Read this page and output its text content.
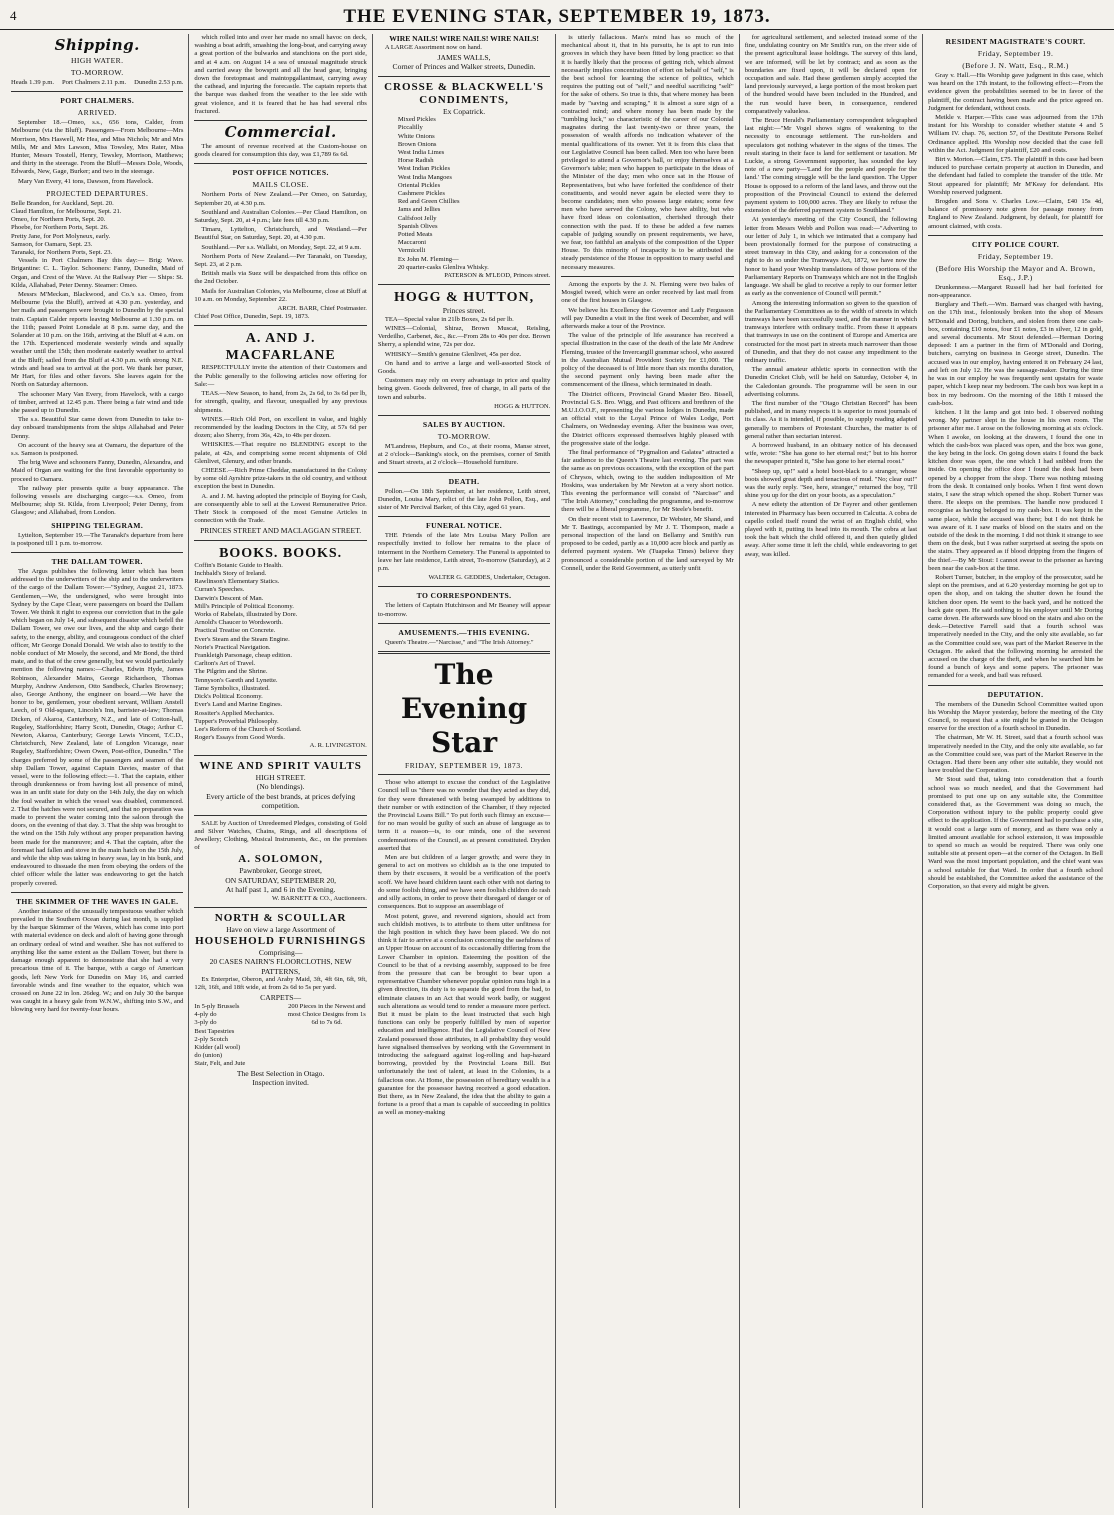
4	THE EVENING STAR, SEPTEMBER 19, 1873.
Shipping.
HIGH WATER.
TO-MORROW.
Heads 1.39 p.m. Port Chalmers 2.11 p.m. Dunedin 2.53 p.m.
PORT CHALMERS.
ARRIVED.

September 18.—Omeo, s.s., 656 tons, Calder, from Melbourne (via the Bluff). Passengers—From Melbourne—Mrs Morrison, Mrs Haswell, Mr Hea, and Miss Nichols; Mr and Mrs Mills, Mr and Mrs Lawson, Miss Towsley, Mrs Rater, Miss Hunter, Messrs Tosstell, Henry, Tewsley, Morrison, Matthews; and thirty in the steerage. From the Bluff—Messrs Dole, Woods, Edwards, New, Gage, Burker; and two in the steerage.

Mary Van Every, 41 tons, Dawson, from Havelock.

PROJECTED DEPARTURES.
Belle Brandon, for Auckland, Sept. 20.
Claud Hamilton, for Melbourne, Sept. 21.
Omeo, for Northern Ports, Sept. 20.
Phoebe, for Northern Ports, Sept. 26.
Pretty Jane, for Port Molyneux, early.
Samson, for Oamaru, Sept. 23.
Taranaki, for Northern Ports, Sept. 23.

Vessels in Port Chalmers Bay this day:— Brig: Wave. Brigantine: C. L. Taylor. Schooners: Fanny, Dunedin, Maid of Organ, and Crest of the Wave. At the Railway Pier — Ships: St. Kilda, Allahabad, Peter Denny. Steamer: Omeo.

Messrs M'Meckan, Blackwood, and Co.'s s.s. Omeo, from Melbourne (via the Bluff), arrived at 4.30 p.m. yesterday, and her mails and passengers were brought to Dunedin by the special train. Captain Calder reports leaving Melbourne at 1.30 p.m. on the 11th; passed Point Lonsdale at 8 p.m. same day, and the Solander at 10 p.m. on the 16th, arriving at the Bluff at 4 a.m. on the 17th. Experienced moderate westerly winds and squally weather until the 15th; then moderate easterly weather to arrival at the Bluff; sailed from the Bluff at 4.30 p.m. with strong N.E. winds and head sea to arrival at the port. We thank her purser, Mr Hart, for files and other favors. She leaves again for the North on Saturday afternoon.

The schooner Mary Van Every, from Havelock, with a cargo of timber, arrived at 12.45 p.m. There being a fair wind and tide she passed up to Dunedin.

The s.s. Beautiful Star came down from Dunedin to take to-day onboard transhipments from the ships Allahabad and Peter Denny.

On account of the heavy sea at Oamaru, the departure of the s.s. Samson is postponed.

The brig Wave and schooners Fanny, Dunedin, Alexandra, and Maid of Organ are waiting for the first favorable opportunity to proceed to Oamaru.

The railway pier presents quite a busy appearance. The following vessels are discharging cargo:—s.s. Omeo, from Melbourne; ship St. Kilda, from Liverpool; Peter Denny, from Glasgow; and Allahabad, from London.

SHIPPING TELEGRAM.

Lyttelton, September 19.—The Taranaki's departure from here is postponed till 1 p.m. to-morrow.

THE DALLAM TOWER.

The Argus publishes the following letter which has been addressed to the underwriters of the ship and to the underwriters of the cargo of the Dallam Tower:—"Sydney, August 21, 1873. Gentlemen,—We, the undersigned, who were brought into Sydney by the Cape Clear, were passengers on board the Dallam Tower. We think it right to express our conviction that in the gale which began on July 14, and subsequent disaster which befell the Dallam Tower, we owe our lives, and the ship and cargo their safety, to the energy, ability, and courageous conduct of the chief officer, Mr George Donald Donald. We wish also to testify to the noble conduct of Mr Mosely, the second, and Mr Bond, the third mate, and to that of the crew generally, but we would particularly mention the following names:—Charles, Edwin Hyde, James Robinson, Alexander Mains, George Richardson, Thomas Murphy, Andrew Anderson, Otto Sandbeck, Charles Brownsey; also, George Anthony, the engineer on board.—We have the honor to be, gentlemen, your obedient servant, William Anstell Leech, of 9 Old-square, Lincoln's Inn, barrister-at-law; Thomas Dicken, of Akaroa, Canterbury, N.Z., and late of Cotton-hall, Rugeley, Staffordshire; Harry Scott, Dunedin, Otago; Arthur C. Newton, Akaroa, Canterbury; George Lewis Vincent, T.C.D., Christchurch, New Zealand, late of Longdon Vicarage, near Rugeley, Staffordshire; Owen Owen, Post-office, Dunedin." The charges preferred by some of the passengers and seamen of the ship Dallam Tower, against Captain Davies, master of that vessel, were to the following effect:—1. That the captain, either through drunkenness or from having lost all presence of mind, was in an unfit state for duty on the 14th July, the day on which the foul weather in which the vessel was disabled, commenced. 2. That the hatches were not secured, and that no preparation was made to prevent the water coming into the saloon through the doors, on the evening of that day. 3. That the ship was brought to the wind on the 15th July without any proper preparation having been made for the manœuvre; and 4. That the captain, after the foremast had fallen and stove in the main hatch on the 15th July, and while the ship was taking in heavy seas, lay in his bunk, and endeavoured to dissuade the men from obeying the orders of the chief officer while the latter was endeavoring to get the hatch properly covered.

THE SKIMMER OF THE WAVES IN GALE.

Another instance of the unusually tempestuous weather which prevailed in the Southern Ocean during last month, is supplied by the barque Skimmer of the Waves, which has come into port with material evidence on deck and aloft of having gone through an ordinary ordeal of wind and weather. She has not suffered to anything like the same extent as the Dallam Tower, but there is damage enough apparent to demonstrate that she had a very precarious time of it. The barque, with a cargo of American goods, left New York for Dunedin on May 16, and carried favorable winds and fine weather to the equator, which was crossed on June 22 in lon. 26deg. W.; and on July 30 the barque was caught in a heavy gale from W.N.W., shifting into S.W., and blowing very hard for twenty-four hours.

which rolled into and over her made no small havoc on deck, washing a boat adrift, smashing the long-boat, and carrying away a great portion of the bulwarks and stanchions on the port side, and at 4 a.m. on August 14 a sea of unusual magnitude struck and carried away the bowsprit and all the head gear, bringing down the foretopmast and maintopgallantmast, carrying away the cathead, and injuring the forecastle. The captain reports that the barque was dashed from the weather to the lee side with great violence, and it is feared that he has had several ribs fractured.

Commercial.

The amount of revenue received at the Custom-house on goods cleared for consumption this day, was £1,789 6s 6d.

POST OFFICE NOTICES.
MAILS CLOSE.

Northern Ports of New Zealand.—Per Omeo, on Saturday, September 20, at 4.30 p.m.

Southland and Australian Colonies.—Per Claud Hamilton, on Saturday, Sept. 20, at 4 p.m.; late fees till 4.30 p.m.

Timaru, Lyttelton, Christchurch, and Westland.—Per Beautiful Star, on Saturday, Sept. 20, at 4.30 p.m.

Southland.—Per s.s. Wallabi, on Monday, Sept. 22, at 9 a.m.

Northern Ports of New Zealand.—Per Taranaki, on Tuesday, Sept. 23, at 2 p.m.

British mails via Suez will be despatched from this office on the 2nd October.

Mails for Australian Colonies, via Melbourne, close at Bluff at 10 a.m. on Monday, September 22.

ARCH. BARR, Chief Postmaster.
Chief Post Office, Dunedin, Sept. 19, 1873.
A. AND J. MACFARLANE

RESPECTFULLY invite the attention of their Customers and the Public generally to the following articles now offering for Sale:—

TEAS.—New Season, to hand, from 2s, 2s 6d, to 3s 6d per lb, for strength, quality, and flavour, unequalled by any previous shipments.

WINES.—Rich Old Port, on excellent in value, and highly recommended by the leading Doctors in the City, at 57s 6d per dozen; also Sherry, from 36s, 42s, to 48s per dozen.

WHISKIES.—That require no BLENDING except to the palate, at 42s, and comprising some recent shipments of Old Glenlivet, Glenury, and other brands.

CHEESE.—Rich Prime Cheddar, manufactured in the Colony by some old Ayrshire prize-takers in the old country, and without exception the best in Dunedin.

A. and J. M. having adopted the principle of Buying for Cash, are consequently able to sell at the Lowest Remunerative Price. Their Stock is composed of the most Genuine Articles in connection with the Trade.

PRINCES STREET AND MACLAGGAN STREET.
BOOKS. BOOKS.
Coffin's Botanic Guide to Health.
Inchbald's Story of Ireland.
Rawlinson's Elementary Statics.
Curran's Speeches.
Darwin's Descent of Man.
Mill's Principle of Political Economy.
Works of Rabelais, illustrated by Dore.
Arnold's Chaucer to Wordsworth.
Practical Treatise on Concrete.
Ever's Steam and the Steam Engine.
Norie's Practical Navigation.
Frankleigh Parsonage, cheap edition.
Carlton's Art of Travel.
The Pilgrim and the Shrine.
Tennyson's Gareth and Lynette.
Tame Symbolics, illustrated.
Dick's Political Economy.
Ever's Land and Marine Engines.
Rossiter's Applied Mechanics.
Tupper's Proverbial Philosophy.
Lee's Reform of the Church of Scotland.
Roger's Essays from Good Words.
A. R. LIVINGSTON.
WINE AND SPIRIT VAULTS
HIGH STREET.
(No blendings).
Every article of the best brands, at prices defying competition.

SALE by Auction of Unredeemed Pledges, consisting of Gold and Silver Watches, Chains, Rings, and all descriptions of Jewellery; Clothing, Musical Instruments, &c., on the premises of

A. SOLOMON,
Pawnbroker, George street,
ON SATURDAY, SEPTEMBER 20,
At half past 1, and 6 in the Evening.
W. BARNETT & CO., Auctioneers.
NORTH & SCOULLAR
Have on view a large Assortment of
HOUSEHOLD FURNISHINGS
Comprising—
20 CASES NAIRN'S FLOORCLOTHS, NEW PATTERNS,

Ex Enterprise, Oberon, and Araby Maid, 3ft, 4ft 6in, 6ft, 9ft, 12ft, 16ft, and 18ft wide, at from 2s 6d to 5s per yard.

CARPETS—
In 5-ply Brussels
4-ply do
3-ply do
Best Tapestries
2-ply Scotch
Kidder (all wool)
do (union)
Stair, Felt, and Jute
200 Pieces in the Newest and most Choice Designs from 1s 6d to 7s 6d.
The Best Selection in Otago.
Inspection invited.
WIRE NAILS! WIRE NAILS! WIRE NAILS!

A LARGE Assortment now on hand.

JAMES WALLS,
Corner of Princes and Walker streets, Dunedin.
CROSSE & BLACKWELL'S CONDIMENTS,
Ex Copatrick.
Mixed Pickles
Piccalilly
White Onions
Brown Onions
West India Limes
Horse Radish
West Indian Pickles
West India Mangoes
Oriental Pickles
Cashmere Pickles
Red and Green Chillies
Jams and Jellies
Calfsfoot Jelly
Spanish Olives
Potted Meats
Maccaroni
Vermicelli
Ex John M. Fleming—
20 quarter-casks Glenliva Whisky.
PATERSON & M'LEOD, Princes street.
HOGG & HUTTON,
Princes street.

TEA—Special value in 21lb Boxes, 2s 6d per lb.

WINES—Colonial, Shiraz, Brown Muscat, Reisling, Verdeilho, Carbenet, &c., &c.—From 28s to 40s per doz. Brown Sherry, a splendid wine, 72s per doz.

WHISKY—Smith's genuine Glenlivet, 45s per doz.

On hand and to arrive a large and well-assorted Stock of Goods.

Customers may rely on every advantage in price and quality being given. Goods delivered, free of charge, in all parts of the town and suburbs.

HOGG & HUTTON.
SALES BY AUCTION.
TO-MORROW.

M'Landress, Hepburn, and Co., at their rooms, Manse street, at 2 o'clock—Banking's stock, on the premises, corner of Smith and Stuart streets, at 2 o'clock—Household furniture.

DEATH.

Pollon.—On 18th September, at her residence, Leith street, Dunedin, Louisa Mary, relict of the late John Pollon, Esq., and sister of Mr Percival Barker, of this City, aged 61 years.

FUNERAL NOTICE.

THE Friends of the late Mrs Louisa Mary Pollon are respectfully invited to follow her remains to the place of interment in the Northern Cemetery. The Funeral is appointed to leave her late residence, Leith street, To-morrow (Saturday), at 2 p.m.

WALTER G. GEDDES, Undertaker, Octagon.
TO CORRESPONDENTS.

The letters of Captain Hutchinson and Mr Beaney will appear to-morrow.

AMUSEMENTS.—THIS EVENING.

Queen's Theatre.—"Narcisse," and "The Irish Attorney."

The Evening Star
FRIDAY, SEPTEMBER 19, 1873.

Those who attempt to excuse the conduct of the Legislative Council tell us "there was no wonder that they acted as they did, for they were threatened with being swamped by additions to their number or with extinction of the Chamber, if they rejected the Provincial Loans Bill." To put forth such flimsy an excuse—for no man would be guilty of such an abuse of language as to term it a reason—is, to our minds, one of the severest condemnations of the Council, as at present constituted. Dryden asserted that

Men are but children of a larger growth; and were they in general to act on motives so childish as is the one imputed to them by their excusers, it would be a verification of the poet's scoff. We have heard children taunt each other with not daring to do some foolish thing, and we have seen foolish children do rash and silly actions, in order to prove their disregard of danger or of consequences. But to suppose an assemblage of

Most potent, grave, and reverend signiors, should act from such childish motives, is to attribute to them utter unfitness for the high position in which they have been placed. We do not think it fair to arrive at a conclusion concerning the usefulness of an Upper House on account of its occasionally differing from the Lower Chamber in opinion. Esteeming the position of the Council to be that of a revising assembly, supposed to be free from the pressure that can be brought to bear upon a representative Chamber whenever popular opinion runs high in a given direction, its duty is to separate the good from the bad, to eliminate clauses in an Act that would work badly, or suggest such alterations as would tend to render a measure more perfect. But it must be plain to the least instructed that such high functions can only be properly fulfilled by men of superior education and intelligence. Had the Legislative Council of New Zealand possessed those attributes, in all probability they would have signalised themselves by working with the Government in introducing the safeguard against log-rolling and hap-hazard borrowing, provided by the Provincial Loans Bill. But unfortunately the test of talent, at least in the Colonies, is a fallacious one. At Home, the possession of hereditary wealth is a guarantee for the possessor having received a good education. But there, as in New Zealand, the idea that the ability to gain a fortune is a proof that a man is capable of succeeding in politics as well as money-making

is utterly fallacious. Man's mind has so much of the mechanical about it, that in his pursuits, he is apt to run into grooves in which they have been fitted by long practice: so that it is hardly likely that the process of getting rich, which almost necessarily implies concentration of effort on behalf of "self," is the best school for learning the science of politics, which requires the putting out of "self," and needful sacrificing "self" for the sake of others. So true is this, that where money has been made by "saving and scraping," it is almost a sure sign of a contracted mind; and where money has been made by the "tumbling luck," so characteristic of the career of our Colonial magnates during the last twenty-two or three years, the possession of wealth affords no indication whatever of the mental qualifications of its owner. Yet it is from this class that our Legislative Council has been called. Men too who have been privileged to attend a Governor's ball, or enjoy themselves at a Governor's table; men who happen to participate in the ideas of the Minister of the day; men who once sat in the House of Representatives, but who have forfeited the confidence of their constituents, and would never again be elected were they to become candidates; men who possess large estates; some few men who have served the Colony, who have ability, but who have fixed ideas on colonisation, cherished through their connection with the past. If to these be added a few names capable of judging soundly on present requirements, we have, we fear, too faithful an analysis of the composition of the Upper House. To this minority of incapacity is to be attributed the steady persistence of the House in opposition to many useful and necessary measures.

Among the exports by the J. N. Fleming were two bales of Mosgiel tweed, which were an order received by last mail from one of the first houses in Glasgow.

We believe his Excellency the Governor and Lady Fergusson will pay Dunedin a visit in the first week of December, and will afterwards make a tour of the Province.

The value of the principle of life assurance has received a special illustration in the case of the death of the late Mr Andrew Fleming, trustee of the Invercargill grammar school, who assured in the Australian Mutual Provident Society for £1,000. The policy of the deceased is of little more than six months duration, the second payment only having been made after the commencement of the illness, which terminated in death.

The District officers, Provincial Grand Master Bro. Bissell, Provincial G.S. Bro. Wigg, and Past officers and brethren of the M.U.I.O.O.F., representing the various lodges in Dunedin, made an official visit to the Loyal Prince of Wales Lodge, Port Chalmers, on Wednesday evening. After the business was over, the District officers expressed themselves highly pleased with the progressive state of the lodge.

The final performance of "Pygmalion and Galatea" attracted a fair audience to the Queen's Theatre last evening. The part was the same as on previous occasions, with the exception of the part of Chrysos, which, owing to the sudden indisposition of Mr Hoskins, was undertaken by Mr Newton at a very short notice. This evening the performance will consist of "Narcisse" and "The Irish Attorney," concluding the programme, and to-morrow there will be a liberal programme, for Mr Steele's benefit.

On their recent visit to Lawrence, Dr Webster, Mr Shand, and Mr T. Bastings, accompanied by Mr J. T. Thompson, made a personal inspection of the land on Bellamy and Smith's run proposed to be ceded, partly as a 10,000 acre block and partly as deferred payment system. We (Tuapeka Times) believe they pronounced a considerable portion of the land surveyed by Mr Connell, under the Reid Government, as utterly unfit

for agricultural settlement, and selected instead some of the fine, undulating country on Mr Smith's run, on the river side of the present agricultural lease holdings. The survey of this land, we are informed, will be let by contract; and as soon as the boundaries are fixed upon, it will be declared open for occupation and sale. Had these gentlemen simply accepted the land previously surveyed, a large portion of the most broken part of the hundred would have been included in the Hundred, and the run would have been, in consequence, rendered comparatively valueless.

The Bruce Herald's Parliamentary correspondent telegraphed last night:—"Mr Vogel shows signs of weakening to the necessity to encourage settlement. The run-holders and speculators got nothing whatever in the signs of the times. The result staring in their face is land for settlement or taxation. Mr Luckie, a strong Government supporter, has sounded the key note of a new party—'Land for the people and people for the land.' The coming struggle will be the land question. The Upper House is opposed to a reform of the land laws, and throw out the proposition of the Provincial Council to extend the deferred payment system to 100,000 acres. They are likely to refuse the extension of the deferred payment system to Southland."

At yesterday's meeting of the City Council, the following letter from Messrs Webb and Pollon was read:—"Adverting to our letter of July 1, in which we intimated that a company had been provisionally formed for the purpose of constructing a street tramway in this City, and asking for a concession of the right to do so under the Tramways Act, 1872, we have now the honor to hand your Worship translations of those portions of the Parliamentary Reports on Tramways which are not in the English language. We shall be glad to receive a reply to our former letter as early as the convenience of Council will permit."

Among the interesting information so given to the question of the Parliamentary Committees as to the width of streets in which tramways have been successfully used, and the manner in which tramways interfere with ordinary traffic. From these it appears that tramways in use on the continent of Europe and America are constructed for the most part in streets much narrower than those of Dunedin, and that they do not cause any impediment to the ordinary traffic.

The annual amateur athletic sports in connection with the Dunedin Cricket Club, will be held on Saturday, October 4, in the Caledonian grounds. The programme will be seen in our advertising columns.

The first number of the "Otago Christian Record" has been published, and in many respects it is superior to most journals of its class. As it is intended, if possible, to supply reading adapted generally to members of Protestant Churches, the matter is of general rather than sectarian interest.

A borrowed husband, in an obituary notice of his deceased wife, wrote: "She has gone to her eternal rest;" but to his horror the newspaper printed it, "She has gone to her eternal roost."

"Sheep up, up!" said a hotel boot-black to a stranger, whose boots showed great depth and tenacious of mud. "No; clear out!" was the surly reply. "See, here, stranger," returned the boy, "I'll shine you up for the dirt on your boots, as a speculation."

A new ediety the attention of Dr Fayrer and other gentlemen interested in Pharmacy has been occurred in Calcutta. A cobra de capello coiled itself round the wrist of an English child, who played with it, putting its head into its mouth. The cobra at last took the bait which the child offered it, and then quietly glided away. After some time it left the child, while endeavoring to get away, was killed.

RESIDENT MAGISTRATE'S COURT.
Friday, September 19.
(Before J. N. Watt, Esq., R.M.)

Gray v. Hall.—His Worship gave judgment in this case, which was heard on the 17th instant, to the following effect:—From the evidence given the probabilities seemed to be in favor of the plaintiff, the contract having been made and the price agreed on. Judgment for defendant, without costs.

Meikle v. Harper.—This case was adjourned from the 17th instant for his Worship to consider whether statute 4 and 5 William IV. chap. 76, section 57, of the Destitute Persons Relief Ordinance applied. His Worship now decided that the case fell within the Act. Judgment for plaintiff, £20 and costs.

Birt v. Morton.—Claim, £75. The plaintiff in this case had been induced to purchase certain property at auction in Dunedin, and the defendant had failed to complete the transfer of the title. Mr Stout appeared for plaintiff; Mr M'Keay for defendant. His Worship reserved judgment.

Brogden and Sons v. Charles Low.—Claim, £40 15s 4d, balance of promissory note given for passage money from England to New Zealand. Judgment, by default, for plaintiff for amount claimed, with costs.

CITY POLICE COURT.
Friday, September 19.
(Before His Worship the Mayor and A. Brown, Esq., J.P.)

Drunkenness.—Margaret Russell had her bail forfeited for non-appearance.

Burglary and Theft.—Wm. Barnard was charged with having, on the 17th inst., feloniously broken into the shop of Messrs M'Donald and Doring, butchers, and stolen from there one cash-box, containing £10 notes, four £1 notes, £3 in silver, 12 in gold, and several documents. Mr Stout defended.—Herman Doring deposed: I am a partner in the firm of M'Donald and Doring, butchers, carrying on business in George street, Dunedin. The accused was in our employ, having entered it on February 24 last, and left on July 12. He was the sausage-maker. During the time he was in our employ he was frequently sent upstairs for waste paper, which I keep near my bedroom. The cash box was kept in a box in my bedroom. On the morning of the 18th I missed the cash-box.

kitchen. I lit the lamp and got into bed. I observed nothing wrong. My partner slept in the house in his own room. The prisoner after me. I arose on the following morning at six o'clock. When I awoke, on looking at the drawers, I found the one in which the cash-box was placed was open, and the box was gone, the key being in the lock. On going down stairs I found the back kitchen door was open, the one which I had snibbed from the inside. On opening the office door I found the desk had been opened by a chopper from the shop. There was nothing missing from the desk. It contained only books. When I first went down stairs, I saw the strap which opened the shop. Robert Turner was there. He sleeps on the premises. The handle now produced I recognise as having belonged to my cash-box. It was kept in the same place, while the accused was there; but I do not think he was aware of it. I saw marks of blood on the stairs and on the outside of the desk in the morning. I did not think it strange to see them on the desk, but I was rather surprised at seeing the spots on the stairs. They appeared as if blood dripping from the fingers of the thief.—By Mr Stout: I cannot swear to the prisoner as having been near the cash-box at the time.

Robert Turner, butcher, in the employ of the prosecutor, said he slept on the premises, and at 6.20 yesterday morning he got up to open the shop, and on taking the shutter down he found the kitchen door open. He went to the back yard, and he noticed the back gate open. He said nothing to his employer until Mr Doring came down. He afterwards saw blood on the stairs and also on the desk.—Detective Farrell said that a fourth school was imperatively needed in the City, and the only site available, so far as the Committee could see, was part of the Market Reserve in the Octagon. He asked that the following morning he arrested the accused on the charge of the theft, and when he searched him he found a bunch of keys and some papers. The prisoner was remanded for a week, and bail was refused.

DEPUTATION.

The members of the Dunedin School Committee waited upon his Worship the Mayor yesterday, before the meeting of the City Council, to request that a site might be granted in the Octagon reserve for the erection of a fourth school in Dunedin.

The chairman, Mr W. H. Street, said that a fourth school was imperatively needed in the City, and the only site available, so far as the Committee could see, was part of the Market Reserve in the Octagon. Had there been any other site suitable, they would not have troubled the Corporation.

Mr Stout said that, taking into consideration that a fourth school was so much needed, and that the Government had promised to put one up on any suitable site, the Committee considered that, as the Government was doing so much, the Corporation without injury to the public property could give effect to the application. If the Government had to purchase a site, it would cost a large sum of money, and as there was only a limited amount available for school extension, it was impossible to spend so much as would be required. There was only one suitable site at present open—at the corner of the Octagon. In Bell Ward was the most important population, and the chief want was a school suitable for that Ward. In order that a fourth school should be established, the Committee asked the assistance of the Corporation, so that every aid might be given.
